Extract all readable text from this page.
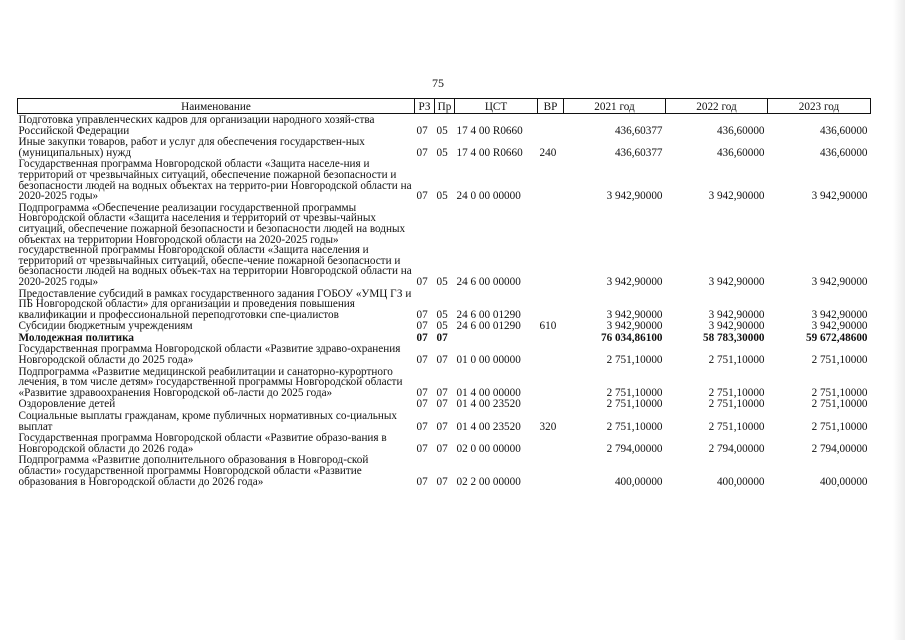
75
Наименование	РЗ	Пр	ЦСТ	ВР	2021 год	2022 год	2023 год
Подготовка управленческих кадров для организации народного хозяй-ства Российской Федерации	07	05	17 4 00 R0660		436,60377	436,60000	436,60000
Иные закупки товаров, работ и услуг для обеспечения государствен-ных (муниципальных) нужд	07	05	17 4 00 R0660	240	436,60377	436,60000	436,60000
Государственная программа Новгородской области «Защита населе-ния и территорий от чрезвычайных ситуаций, обеспечение пожарной безопасности и безопасности людей на водных объектах на террито-рии Новгородской области на 2020-2025 годы»	07	05	24 0 00 00000		3 942,90000	3 942,90000	3 942,90000
Подпрограмма «Обеспечение реализации государственной программы Новгородской области «Защита населения и территорий от чрезвы-чайных ситуаций, обеспечение пожарной безопасности и безопасности людей на водных объектах на территории Новгородской области на 2020-2025 годы» государственной программы Новгородской области «Защита населения и территорий от чрезвычайных ситуаций, обеспе-чение пожарной безопасности и безопасности людей на водных объек-тах на территории Новгородской области на 2020-2025 годы»	07	05	24 6 00 00000		3 942,90000	3 942,90000	3 942,90000
Предоставление субсидий в рамках государственного задания ГОБОУ «УМЦ ГЗ и ПБ Новгородской области» для организации и проведения повышения квалификации и профессиональной переподготовки спе-циалистов	07	05	24 6 00 01290		3 942,90000	3 942,90000	3 942,90000
Субсидии бюджетным учреждениям	07	05	24 6 00 01290	610	3 942,90000	3 942,90000	3 942,90000
Молодежная политика	07	07			76 034,86100	58 783,30000	59 672,48600
Государственная программа Новгородской области «Развитие здраво-охранения Новгородской области до 2025 года»	07	07	01 0 00 00000		2 751,10000	2 751,10000	2 751,10000
Подпрограмма «Развитие медицинской реабилитации и санаторно-курортного лечения, в том числе детям» государственной программы Новгородской области «Развитие здравоохранения Новгородской об-ласти до 2025 года»	07	07	01 4 00 00000		2 751,10000	2 751,10000	2 751,10000
Оздоровление детей	07	07	01 4 00 23520		2 751,10000	2 751,10000	2 751,10000
Социальные выплаты гражданам, кроме публичных нормативных со-циальных выплат	07	07	01 4 00 23520	320	2 751,10000	2 751,10000	2 751,10000
Государственная программа Новгородской области «Развитие образо-вания в Новгородской области до 2026 года»	07	07	02 0 00 00000		2 794,00000	2 794,00000	2 794,00000
Подпрограмма «Развитие дополнительного образования в Новгород-ской области» государственной программы Новгородской области «Развитие образования в Новгородской области до 2026 года»	07	07	02 2 00 00000		400,00000	400,00000	400,00000
